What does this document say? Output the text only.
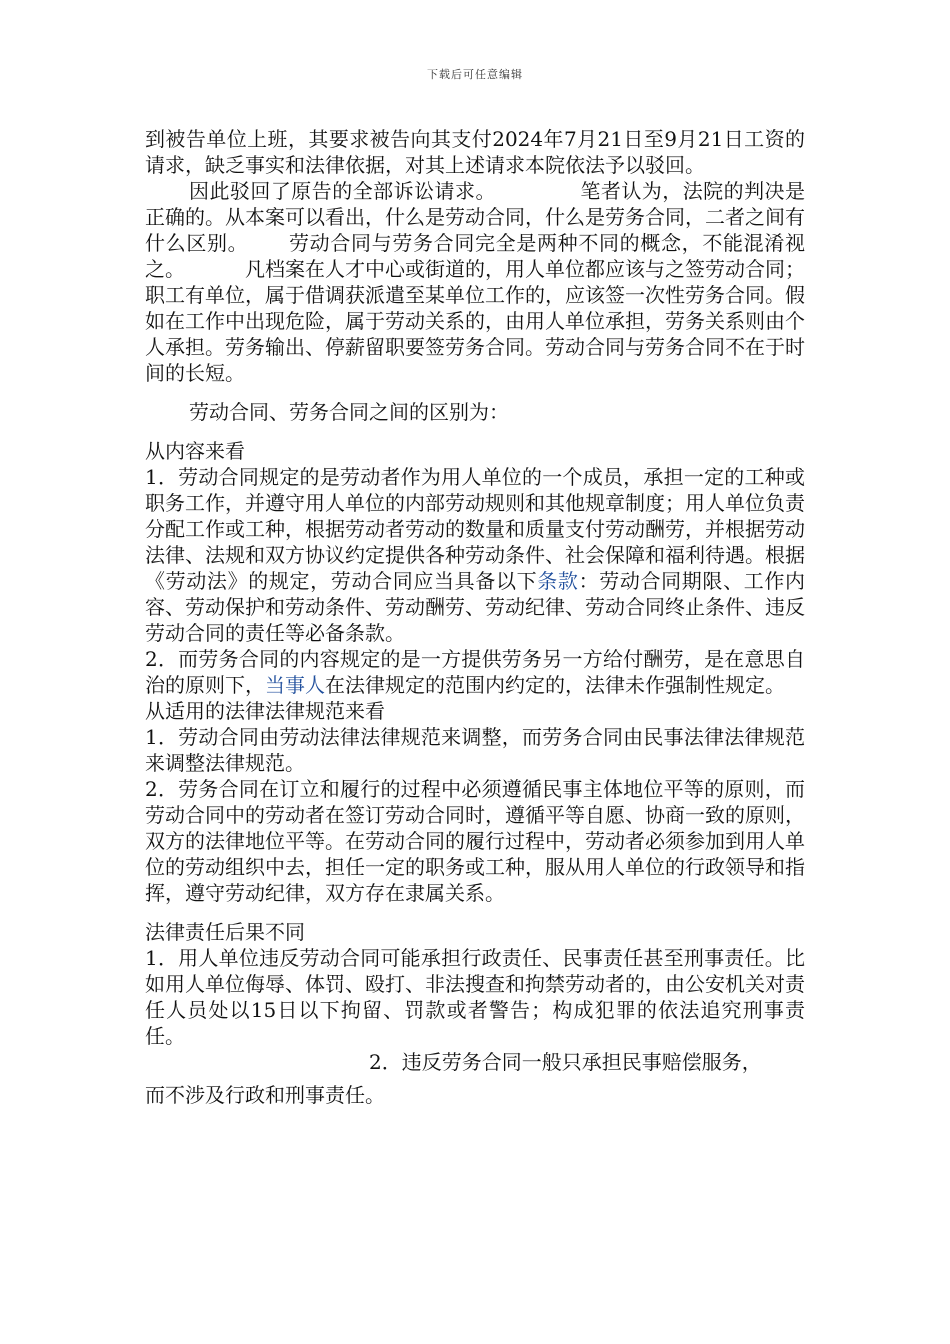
下载后可任意编辑

到被告单位上班，其要求被告向其支付2024年7月21日至9月21日工资的请求，缺乏事实和法律依据，对其上述请求本院依法予以驳回。

因此驳回了原告的全部诉讼请求。	笔者认为，法院的判决是正确的。从本案可以看出，什么是劳动合同，什么是劳务合同，二者之间有什么区别。 劳动合同与劳务合同完全是两种不同的概念，不能混淆视之。	凡档案在人才中心或街道的，用人单位都应该与之签劳动合同；职工有单位，属于借调获派遣至某单位工作的，应该签一次性劳务合同。假如在工作中出现危险，属于劳动关系的，由用人单位承担，劳务关系则由个人承担。劳务输出、停薪留职要签劳务合同。劳动合同与劳务合同不在于时间的长短。

劳动合同、劳务合同之间的区别为：

从内容来看

1．劳动合同规定的是劳动者作为用人单位的一个成员，承担一定的工种或职务工作，并遵守用人单位的内部劳动规则和其他规章制度；用人单位负责分配工作或工种，根据劳动者劳动的数量和质量支付劳动酬劳，并根据劳动法律、法规和双方协议约定提供各种劳动条件、社会保障和福利待遇。根据《劳动法》的规定，劳动合同应当具备以下条款：劳动合同期限、工作内容、劳动保护和劳动条件、劳动酬劳、劳动纪律、劳动合同终止条件、违反劳动合同的责任等必备条款。

2．而劳务合同的内容规定的是一方提供劳务另一方给付酬劳，是在意思自治的原则下，当事人在法律规定的范围内约定的，法律未作强制性规定。

从适用的法律法律规范来看

1．劳动合同由劳动法律法律规范来调整，而劳务合同由民事法律法律规范来调整法律规范。

2．劳务合同在订立和履行的过程中必须遵循民事主体地位平等的原则，而劳动合同中的劳动者在签订劳动合同时，遵循平等自愿、协商一致的原则，双方的法律地位平等。在劳动合同的履行过程中，劳动者必须参加到用人单位的劳动组织中去，担任一定的职务或工种，服从用人单位的行政领导和指挥，遵守劳动纪律，双方存在隶属关系。

法律责任后果不同

1．用人单位违反劳动合同可能承担行政责任、民事责任甚至刑事责任。比如用人单位侮辱、体罚、殴打、非法搜查和拘禁劳动者的，由公安机关对责任人员处以15日以下拘留、罚款或者警告；构成犯罪的依法追究刑事责任。

2．违反劳务合同一般只承担民事赔偿服务，

而不涉及行政和刑事责任。
